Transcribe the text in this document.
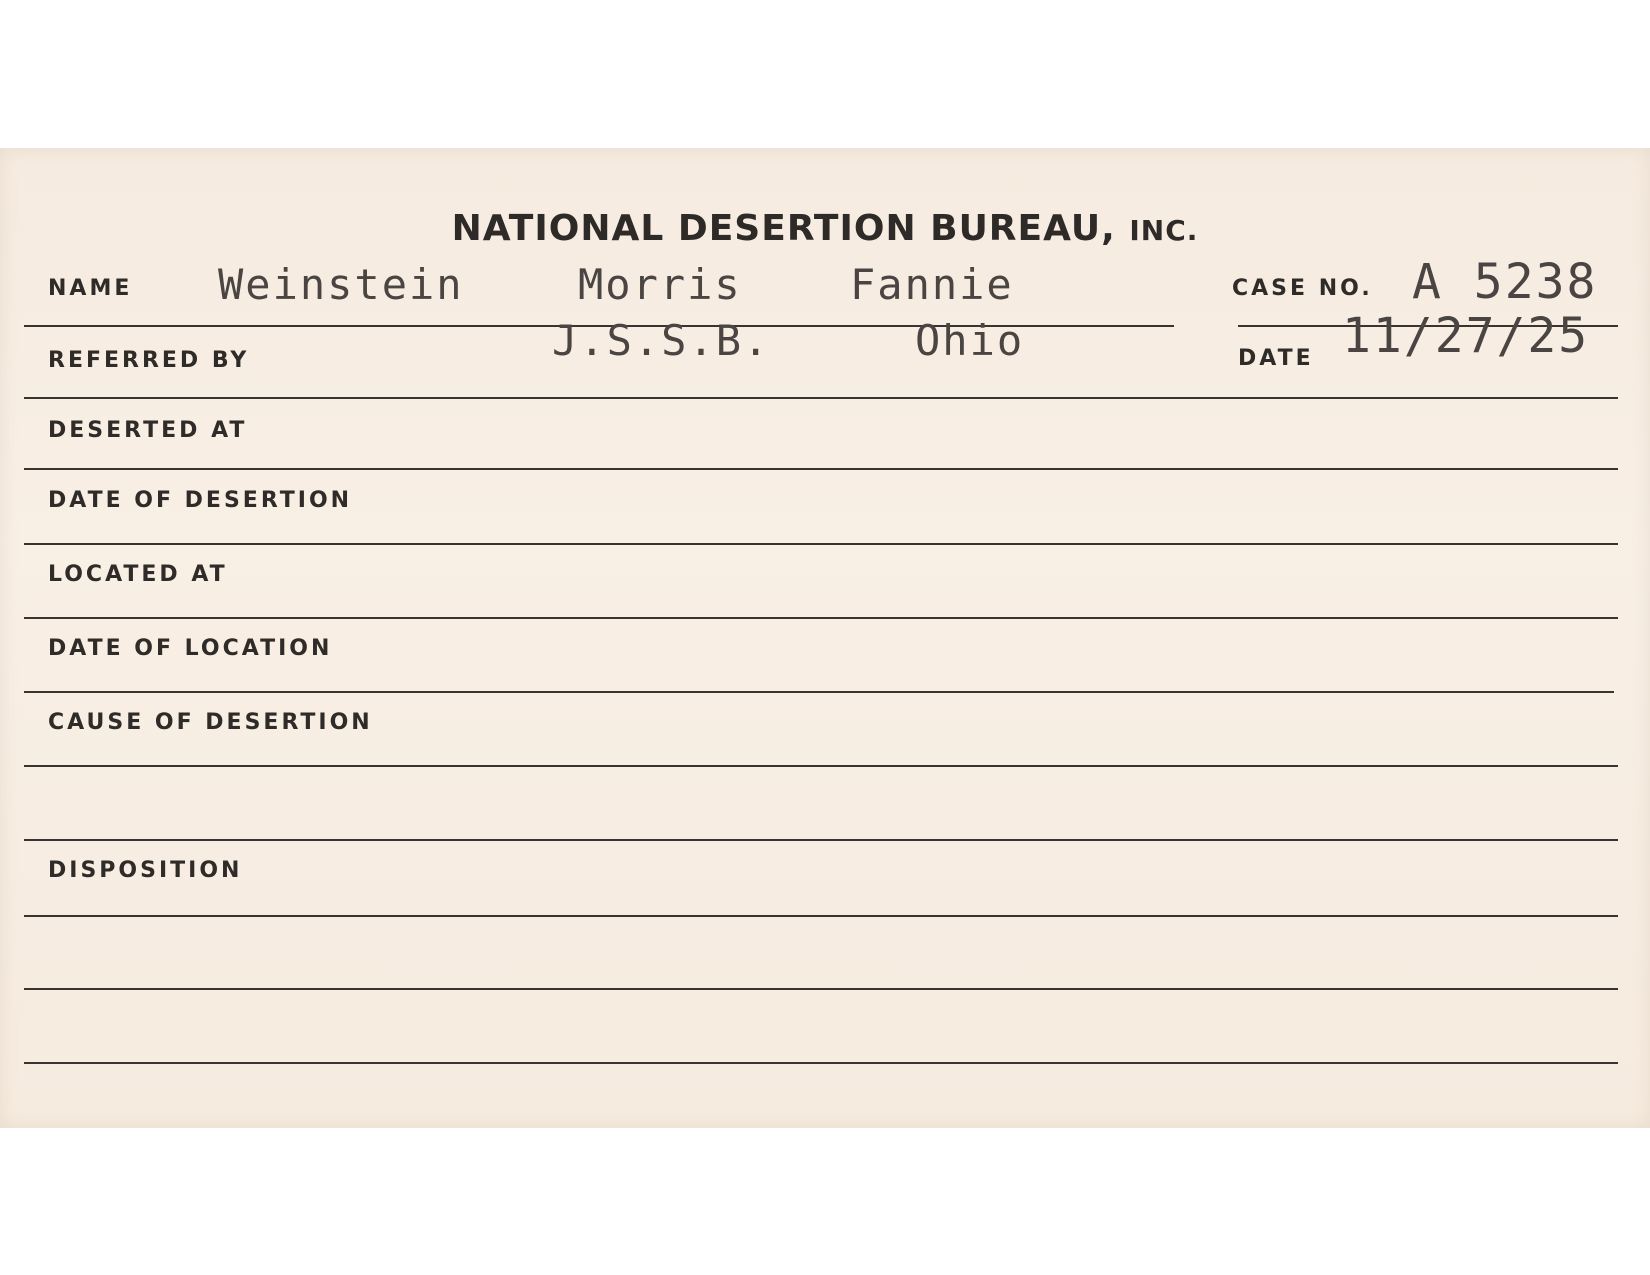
NATIONAL DESERTION BUREAU, INC.
NAME Weinstein	Morris	Fannie	CASE NO. A 5238
REFERRED BY	J.S.S.B.	Ohio	DATE 11/27/25
DESERTED AT
DATE OF DESERTION
LOCATED AT
DATE OF LOCATION
CAUSE OF DESERTION
DISPOSITION
